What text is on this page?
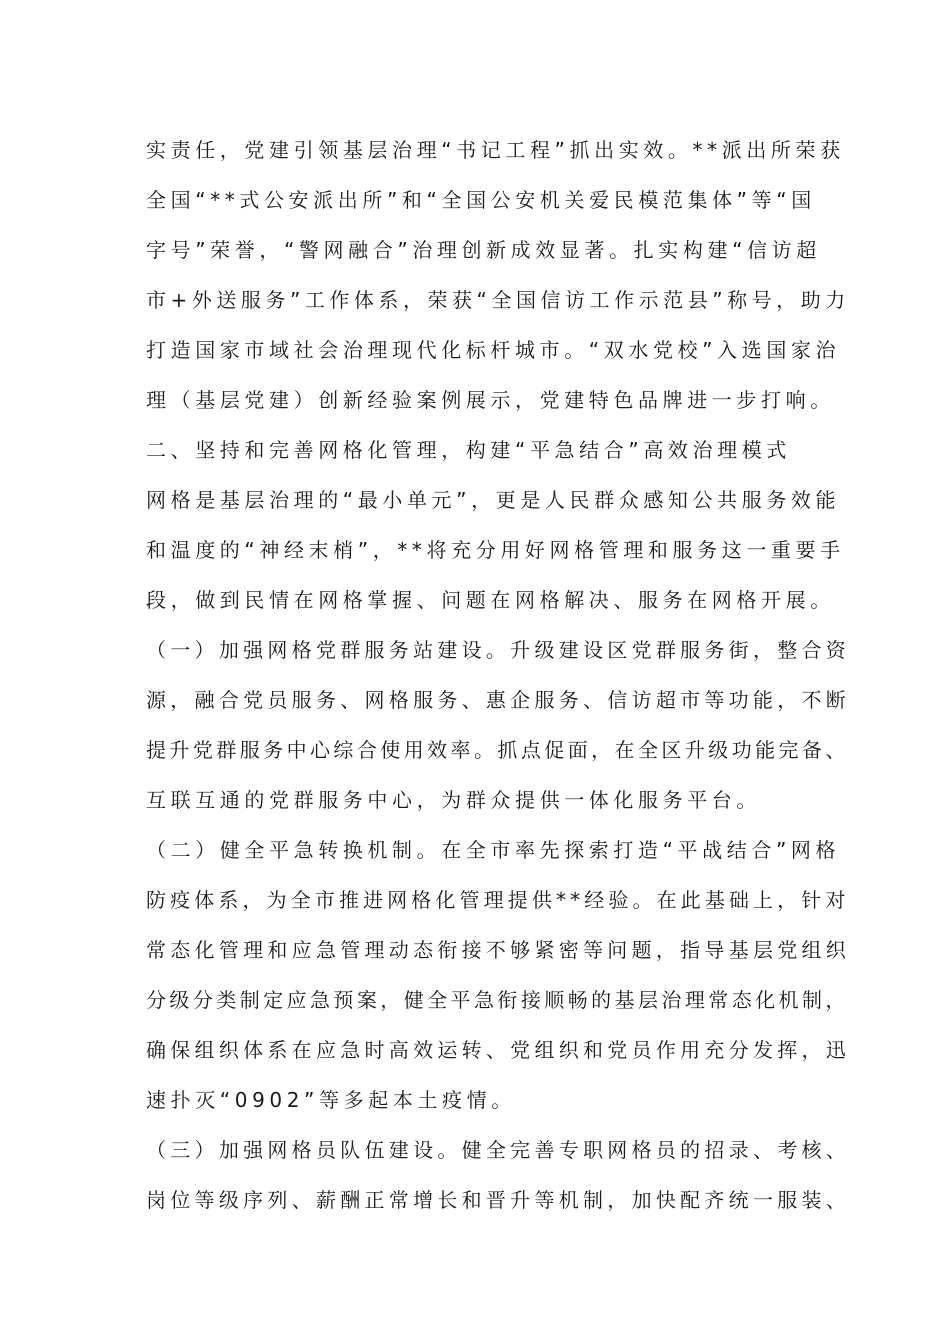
实责任，党建引领基层治理“书记工程”抓出实效。**派出所荣获
全国“**式公安派出所”和“全国公安机关爱民模范集体”等“国
字号”荣誉，“警网融合”治理创新成效显著。扎实构建“信访超
市+外送服务”工作体系，荣获“全国信访工作示范县”称号，助力
打造国家市域社会治理现代化标杆城市。“双水党校”入选国家治
理（基层党建）创新经验案例展示，党建特色品牌进一步打响。
二、坚持和完善网格化管理，构建“平急结合”高效治理模式
网格是基层治理的“最小单元”，更是人民群众感知公共服务效能
和温度的“神经末梢”，**将充分用好网格管理和服务这一重要手
段，做到民情在网格掌握、问题在网格解决、服务在网格开展。
（一）加强网格党群服务站建设。升级建设区党群服务街，整合资
源，融合党员服务、网格服务、惠企服务、信访超市等功能，不断
提升党群服务中心综合使用效率。抓点促面，在全区升级功能完备、
互联互通的党群服务中心，为群众提供一体化服务平台。
（二）健全平急转换机制。在全市率先探索打造“平战结合”网格
防疫体系，为全市推进网格化管理提供**经验。在此基础上，针对
常态化管理和应急管理动态衔接不够紧密等问题，指导基层党组织
分级分类制定应急预案，健全平急衔接顺畅的基层治理常态化机制，
确保组织体系在应急时高效运转、党组织和党员作用充分发挥，迅
速扑灭“0902”等多起本土疫情。
（三）加强网格员队伍建设。健全完善专职网格员的招录、考核、
岗位等级序列、薪酬正常增长和晋升等机制，加快配齐统一服装、
